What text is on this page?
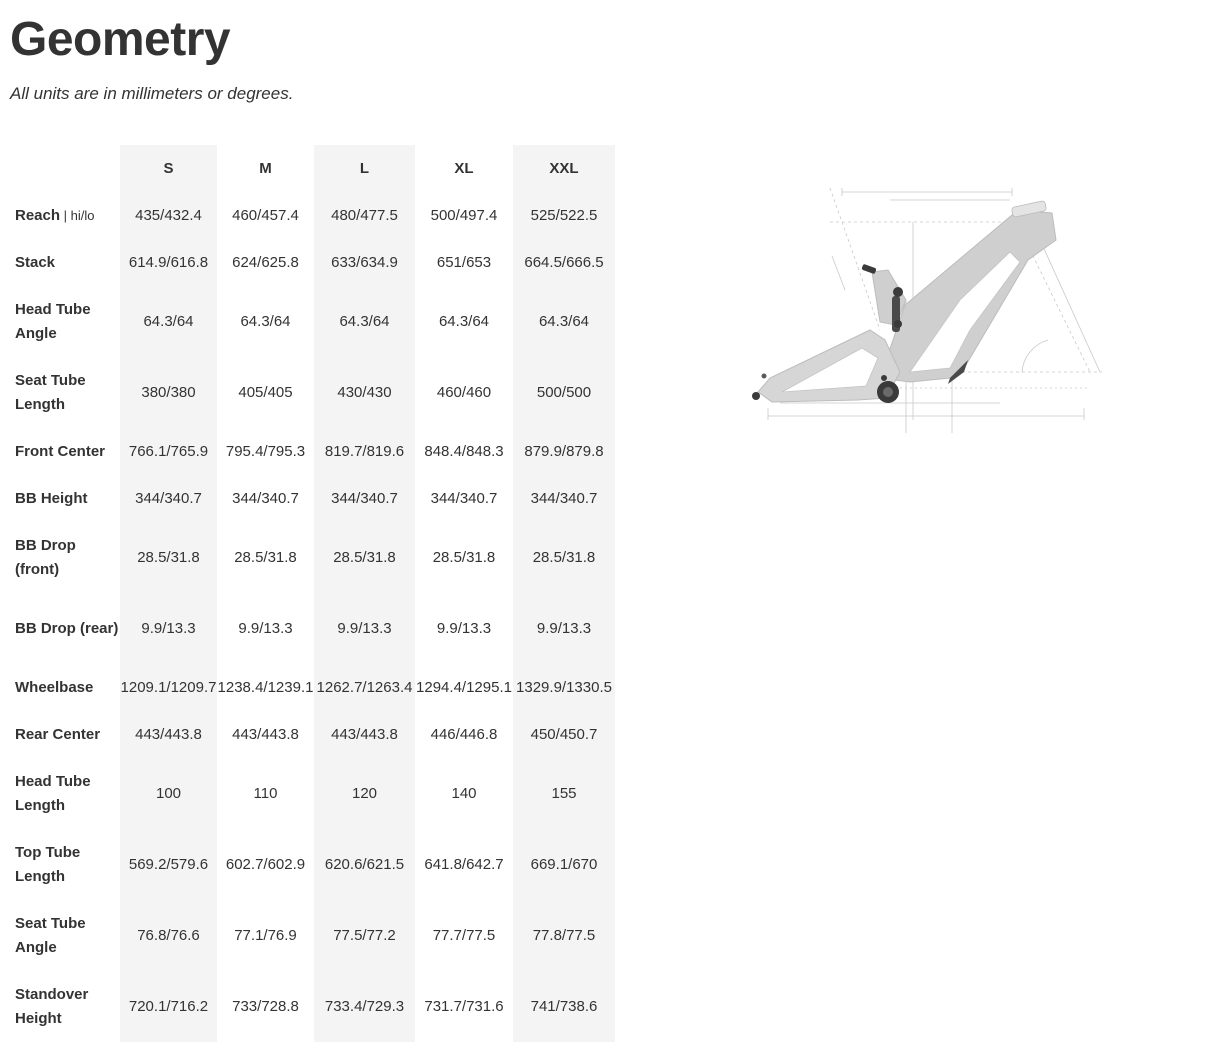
Geometry

All units are in millimeters or degrees.

	S	M	L	XL	XXL
Reach | hi/lo	435/432.4	460/457.4	480/477.5	500/497.4	525/522.5
Stack	614.9/616.8	624/625.8	633/634.9	651/653	664.5/666.5
Head Tube Angle	64.3/64	64.3/64	64.3/64	64.3/64	64.3/64
Seat Tube Length	380/380	405/405	430/430	460/460	500/500
Front Center	766.1/765.9	795.4/795.3	819.7/819.6	848.4/848.3	879.9/879.8
BB Height	344/340.7	344/340.7	344/340.7	344/340.7	344/340.7
BB Drop (front)	28.5/31.8	28.5/31.8	28.5/31.8	28.5/31.8	28.5/31.8
BB Drop (rear)	9.9/13.3	9.9/13.3	9.9/13.3	9.9/13.3	9.9/13.3
Wheelbase	1209.1/1209.7	1238.4/1239.1	1262.7/1263.4	1294.4/1295.1	1329.9/1330.5
Rear Center	443/443.8	443/443.8	443/443.8	446/446.8	450/450.7
Head Tube Length	100	110	120	140	155
Top Tube Length	569.2/579.6	602.7/602.9	620.6/621.5	641.8/642.7	669.1/670
Seat Tube Angle	76.8/76.6	77.1/76.9	77.5/77.2	77.7/77.5	77.8/77.5
Standover Height	720.1/716.2	733/728.8	733.4/729.3	731.7/731.6	741/738.6
